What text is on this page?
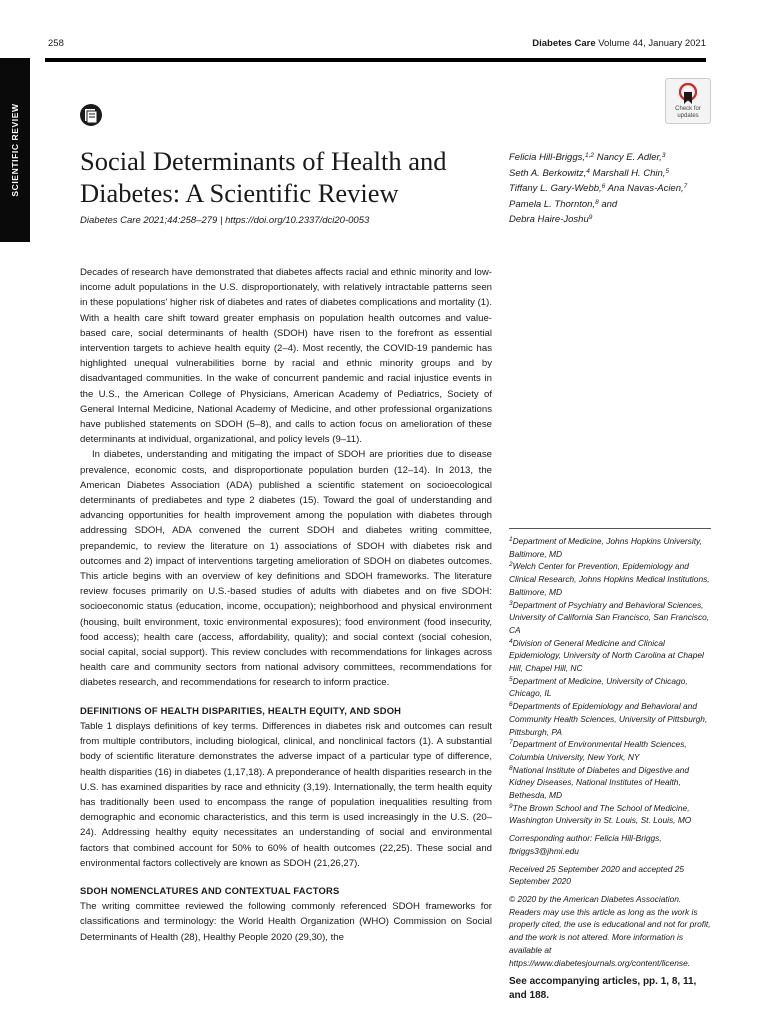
SCIENTIFIC REVIEW
258	Diabetes Care Volume 44, January 2021
Check for updates
Social Determinants of Health and Diabetes: A Scientific Review
Diabetes Care 2021;44:258–279 | https://doi.org/10.2337/dci20-0053
Felicia Hill-Briggs,$^{1,2}$ Nancy E. Adler,$^3$
Seth A. Berkowitz,$^4$ Marshall H. Chin,$^5$
Tiffany L. Gary-Webb,$^6$ Ana Navas-Acien,$^7$
Pamela L. Thornton,$^8$ and
Debra Haire-Joshu$^9$

Decades of research have demonstrated that diabetes affects racial and ethnic minority and low-income adult populations in the U.S. disproportionately, with relatively intractable patterns seen in these populations' higher risk of diabetes and rates of diabetes complications and mortality (1). With a health care shift toward greater emphasis on population health outcomes and value-based care, social determinants of health (SDOH) have risen to the forefront as essential intervention targets to achieve health equity (2–4). Most recently, the COVID-19 pandemic has highlighted unequal vulnerabilities borne by racial and ethnic minority groups and by disadvantaged communities. In the wake of concurrent pandemic and racial injustice events in the U.S., the American College of Physicians, American Academy of Pediatrics, Society of General Internal Medicine, National Academy of Medicine, and other professional organizations have published statements on SDOH (5–8), and calls to action focus on amelioration of these determinants at individual, organizational, and policy levels (9–11).

In diabetes, understanding and mitigating the impact of SDOH are priorities due to disease prevalence, economic costs, and disproportionate population burden (12–14). In 2013, the American Diabetes Association (ADA) published a scientific statement on socioecological determinants of prediabetes and type 2 diabetes (15). Toward the goal of understanding and advancing opportunities for health improvement among the population with diabetes through addressing SDOH, ADA convened the current SDOH and diabetes writing committee, prepandemic, to review the literature on 1) associations of SDOH with diabetes risk and outcomes and 2) impact of interventions targeting amelioration of SDOH on diabetes outcomes. This article begins with an overview of key definitions and SDOH frameworks. The literature review focuses primarily on U.S.-based studies of adults with diabetes and on five SDOH: socioeconomic status (education, income, occupation); neighborhood and physical environment (housing, built environment, toxic environmental exposures); food environment (food insecurity, food access); health care (access, affordability, quality); and social context (social cohesion, social capital, social support). This review concludes with recommendations for linkages across health care and community sectors from national advisory committees, recommendations for diabetes research, and recommendations for research to inform practice.

DEFINITIONS OF HEALTH DISPARITIES, HEALTH EQUITY, AND SDOH

Table 1 displays definitions of key terms. Differences in diabetes risk and outcomes can result from multiple contributors, including biological, clinical, and nonclinical factors (1). A substantial body of scientific literature demonstrates the adverse impact of a particular type of difference, health disparities (16) in diabetes (1,17,18). A preponderance of health disparities research in the U.S. has examined disparities by race and ethnicity (3,19). Internationally, the term health equity has traditionally been used to encompass the range of population inequalities resulting from demographic and economic characteristics, and this term is used increasingly in the U.S. (20–24). Addressing healthy equity necessitates an understanding of social and environmental factors that combined account for 50% to 60% of health outcomes (22,25). These social and environmental factors collectively are known as SDOH (21,26,27).

SDOH NOMENCLATURES AND CONTEXTUAL FACTORS

The writing committee reviewed the following commonly referenced SDOH frameworks for classifications and terminology: the World Health Organization (WHO) Commission on Social Determinants of Health (28), Healthy People 2020 (29,30), the

$^1$Department of Medicine, Johns Hopkins University, Baltimore, MD

$^2$Welch Center for Prevention, Epidemiology and Clinical Research, Johns Hopkins Medical Institutions, Baltimore, MD

$^3$Department of Psychiatry and Behavioral Sciences, University of California San Francisco, San Francisco, CA

$^4$Division of General Medicine and Clinical Epidemiology, University of North Carolina at Chapel Hill, Chapel Hill, NC

$^5$Department of Medicine, University of Chicago, Chicago, IL

$^6$Departments of Epidemiology and Behavioral and Community Health Sciences, University of Pittsburgh, Pittsburgh, PA

$^7$Department of Environmental Health Sciences, Columbia University, New York, NY

$^8$National Institute of Diabetes and Digestive and Kidney Diseases, National Institutes of Health, Bethesda, MD

$^9$The Brown School and The School of Medicine, Washington University in St. Louis, St. Louis, MO

Corresponding author: Felicia Hill-Briggs, fbriggs3@jhmi.edu

Received 25 September 2020 and accepted 25 September 2020

© 2020 by the American Diabetes Association. Readers may use this article as long as the work is properly cited, the use is educational and not for profit, and the work is not altered. More information is available at https://www.diabetesjournals.org/content/license.

See accompanying articles, pp. 1, 8, 11, and 188.
